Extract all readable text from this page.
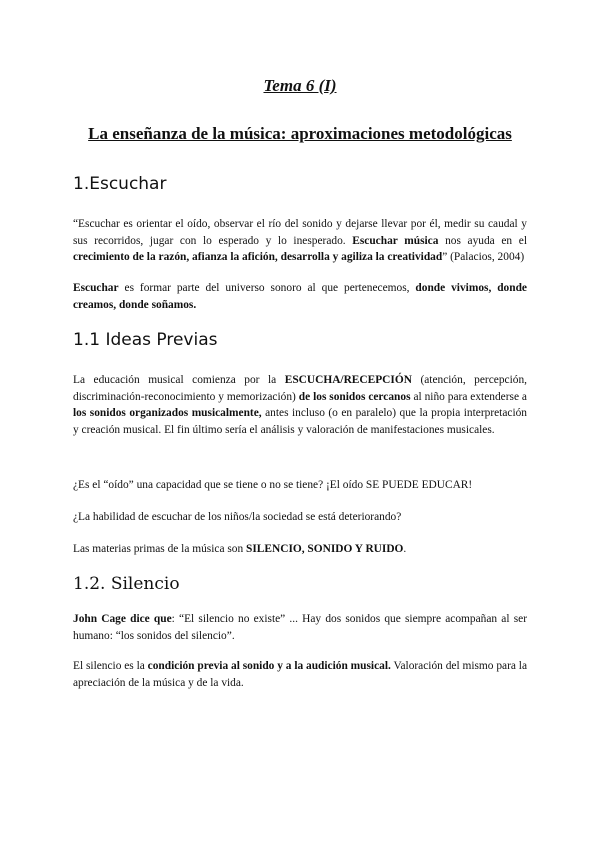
Tema 6 (I)
La enseñanza de la música: aproximaciones metodológicas
1.Escuchar
“Escuchar es orientar el oído, observar el río del sonido y dejarse llevar por él, medir su caudal y sus recorridos, jugar con lo esperado y lo inesperado. Escuchar música nos ayuda en el crecimiento de la razón, afianza la afición, desarrolla y agiliza la creatividad” (Palacios, 2004)
Escuchar es formar parte del universo sonoro al que pertenecemos, donde vivimos, donde creamos, donde soñamos.
1.1 Ideas Previas
La educación musical comienza por la ESCUCHA/RECEPCIÓN (atención, percepción, discriminación-reconocimiento y memorización) de los sonidos cercanos al niño para extenderse a los sonidos organizados musicalmente, antes incluso (o en paralelo) que la propia interpretación y creación musical. El fin último sería el análisis y valoración de manifestaciones musicales.
¿Es el “oído” una capacidad que se tiene o no se tiene? ¡El oído SE PUEDE EDUCAR!
¿La habilidad de escuchar de los niños/la sociedad se está deteriorando?
Las materias primas de la música son SILENCIO, SONIDO Y RUIDO.
1.2. Silencio
John Cage dice que: “El silencio no existe” ... Hay dos sonidos que siempre acompañan al ser humano: “los sonidos del silencio”.
El silencio es la condición previa al sonido y a la audición musical. Valoración del mismo para la apreciación de la música y de la vida.
